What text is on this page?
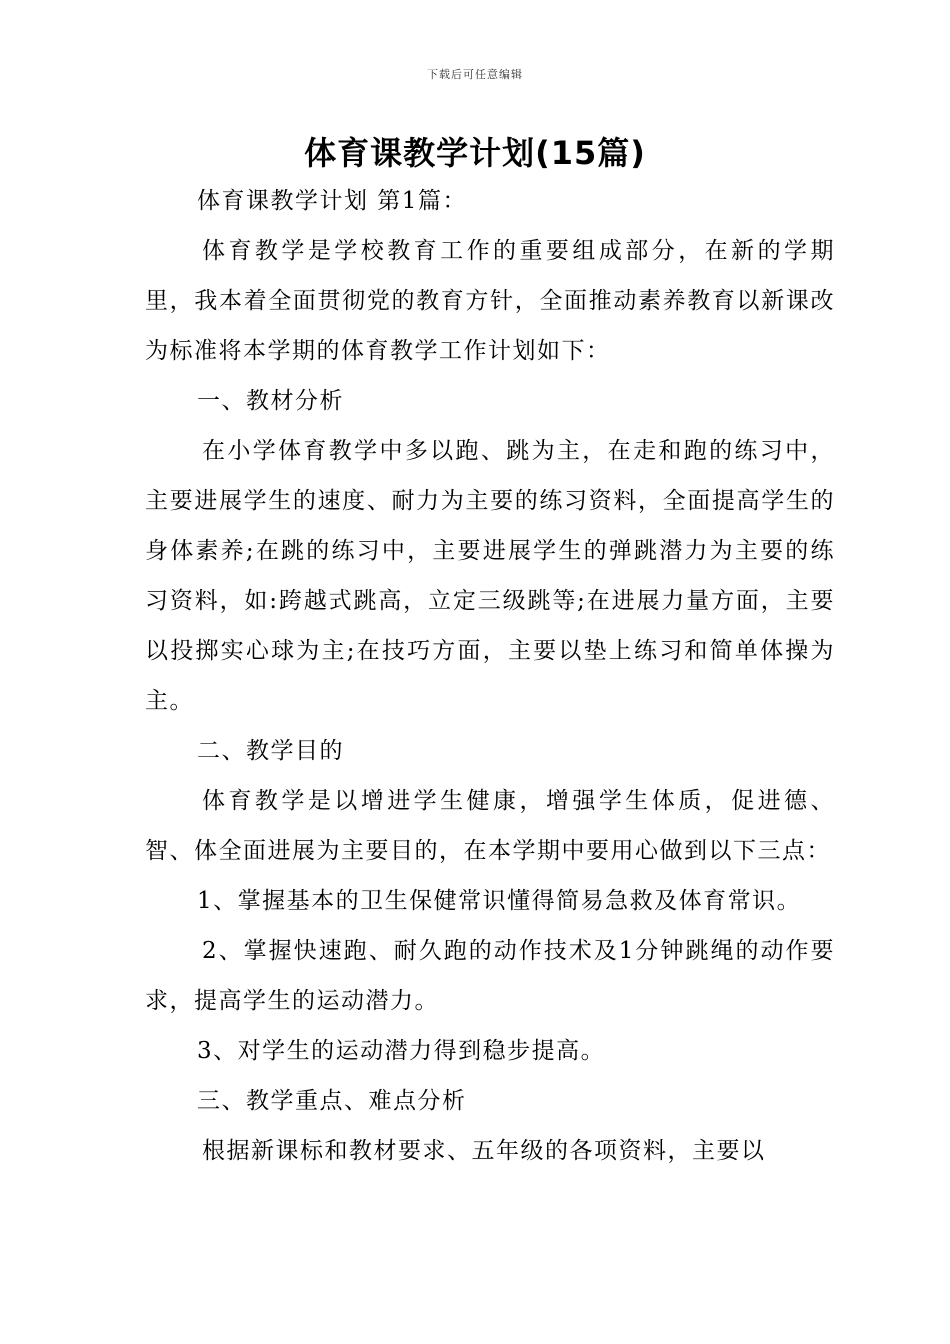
下载后可任意编辑
体育课教学计划(15篇)

体育课教学计划 第1篇：

体育教学是学校教育工作的重要组成部分，在新的学期里，我本着全面贯彻党的教育方针，全面推动素养教育以新课改为标准将本学期的体育教学工作计划如下：

一、教材分析

在小学体育教学中多以跑、跳为主，在走和跑的练习中，主要进展学生的速度、耐力为主要的练习资料，全面提高学生的身体素养;在跳的练习中，主要进展学生的弹跳潜力为主要的练习资料，如:跨越式跳高，立定三级跳等;在进展力量方面，主要以投掷实心球为主;在技巧方面，主要以垫上练习和简单体操为主。

二、教学目的

体育教学是以增进学生健康，增强学生体质，促进德、智、体全面进展为主要目的，在本学期中要用心做到以下三点：

1、掌握基本的卫生保健常识懂得简易急救及体育常识。

2、掌握快速跑、耐久跑的动作技术及1分钟跳绳的动作要求，提高学生的运动潜力。

3、对学生的运动潜力得到稳步提高。

三、教学重点、难点分析

根据新课标和教材要求、五年级的各项资料，主要以
